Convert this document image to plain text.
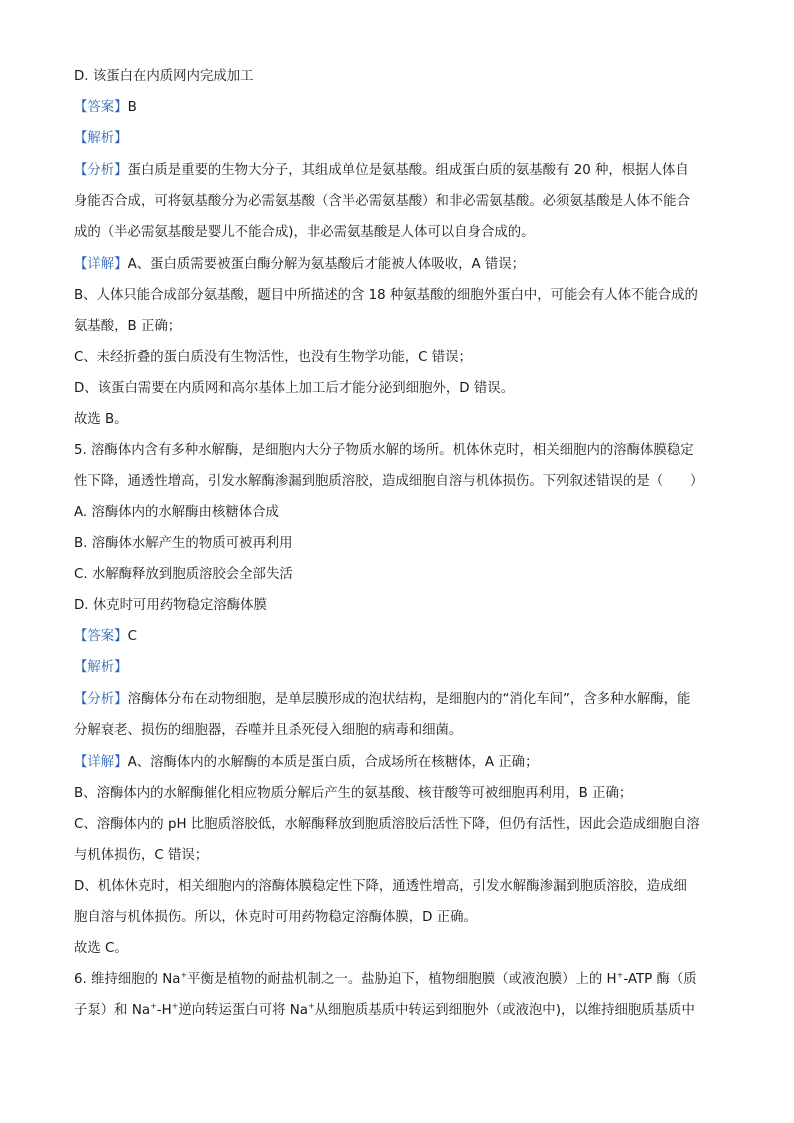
D. 该蛋白在内质网内完成加工
【答案】B
【解析】
【分析】蛋白质是重要的生物大分子，其组成单位是氨基酸。组成蛋白质的氨基酸有 20 种，根据人体自
身能否合成，可将氨基酸分为必需氨基酸（含半必需氨基酸）和非必需氨基酸。必须氨基酸是人体不能合
成的（半必需氨基酸是婴儿不能合成)，非必需氨基酸是人体可以自身合成的。
【详解】A、蛋白质需要被蛋白酶分解为氨基酸后才能被人体吸收，A 错误；
B、人体只能合成部分氨基酸，题目中所描述的含 18 种氨基酸的细胞外蛋白中，可能会有人体不能合成的
氨基酸，B 正确；
C、未经折叠的蛋白质没有生物活性，也没有生物学功能，C 错误；
D、该蛋白需要在内质网和高尔基体上加工后才能分泌到细胞外，D 错误。
故选 B。
5. 溶酶体内含有多种水解酶，是细胞内大分子物质水解的场所。机体休克时，相关细胞内的溶酶体膜稳定
性下降，通透性增高，引发水解酶渗漏到胞质溶胶，造成细胞自溶与机体损伤。下列叙述错误的是（　　）
A. 溶酶体内的水解酶由核糖体合成
B. 溶酶体水解产生的物质可被再利用
C. 水解酶释放到胞质溶胶会全部失活
D. 休克时可用药物稳定溶酶体膜
【答案】C
【解析】
【分析】溶酶体分布在动物细胞，是单层膜形成的泡状结构，是细胞内的“消化车间”，含多种水解酶，能
分解衰老、损伤的细胞器，吞噬并且杀死侵入细胞的病毒和细菌。
【详解】A、溶酶体内的水解酶的本质是蛋白质，合成场所在核糖体，A 正确；
B、溶酶体内的水解酶催化相应物质分解后产生的氨基酸、核苷酸等可被细胞再利用，B 正确；
C、溶酶体内的 pH 比胞质溶胶低，水解酶释放到胞质溶胶后活性下降，但仍有活性，因此会造成细胞自溶
与机体损伤，C 错误；
D、机体休克时，相关细胞内的溶酶体膜稳定性下降，通透性增高，引发水解酶渗漏到胞质溶胶，造成细
胞自溶与机体损伤。所以，休克时可用药物稳定溶酶体膜，D 正确。
故选 C。
6. 维持细胞的 Na+平衡是植物的耐盐机制之一。盐胁迫下，植物细胞膜（或液泡膜）上的 H+-ATP 酶（质
子泵）和 Na+-H+逆向转运蛋白可将 Na+从细胞质基质中转运到细胞外（或液泡中)，以维持细胞质基质中
